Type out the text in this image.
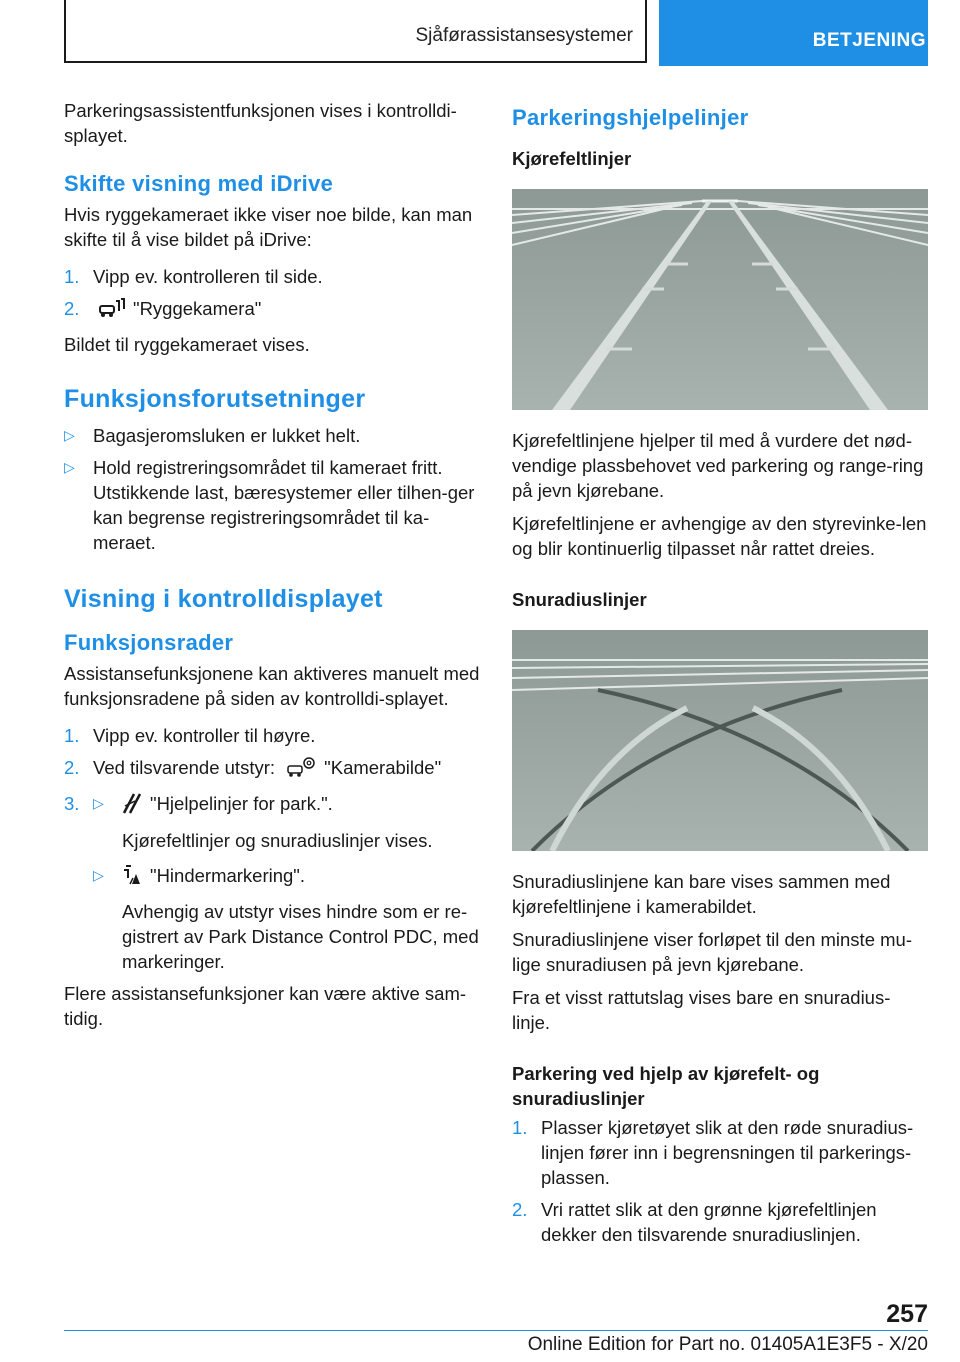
Sjåførassistansesystemer	BETJENING

Parkeringsassistentfunksjonen vises i kontrolldi-splayet.

Skifte visning med iDrive

Hvis ryggekameraet ikke viser noe bilde, kan man skifte til å vise bildet på iDrive:

1. Vipp ev. kontrolleren til side.
2.	"Ryggekamera"

Bildet til ryggekameraet vises.

Funksjonsforutsetninger
▷ Bagasjeromsluken er lukket helt.
▷ Hold registreringsområdet til kameraet fritt. Utstikkende last, bæresystemer eller tilhen-ger kan begrense registreringsområdet til ka-meraet.
Visning i kontrolldisplayet
Funksjonsrader

Assistansefunksjonene kan aktiveres manuelt med funksjonsradene på siden av kontrolldi-splayet.

1. Vipp ev. kontroller til høyre.
2. Ved tilsvarende utstyr:	"Kamerabilde"
3. ▷	"Hjelpelinjer for park.".
Kjørefeltlinjer og snuradiuslinjer vises.
▷	"Hindermarkering".
Avhengig av utstyr vises hindre som er re-gistrert av Park Distance Control PDC, med markeringer.

Flere assistansefunksjoner kan være aktive sam-tidig.

Parkeringshjelpelinjer
Kjørefeltlinjer

Kjørefeltlinjene hjelper til med å vurdere det nød-vendige plassbehovet ved parkering og range-ring på jevn kjørebane.

Kjørefeltlinjene er avhengige av den styrevinke-len og blir kontinuerlig tilpasset når rattet dreies.

Snuradiuslinjer

Snuradiuslinjene kan bare vises sammen med kjørefeltlinjene i kamerabildet.

Snuradiuslinjene viser forløpet til den minste mu-lige snuradiusen på jevn kjørebane.

Fra et visst rattutslag vises bare en snuradius-linje.

Parkering ved hjelp av kjørefelt- og snuradiuslinjer
1. Plasser kjøretøyet slik at den røde snuradius-linjen fører inn i begrensningen til parkerings-plassen.
2. Vri rattet slik at den grønne kjørefeltlinjen dekker den tilsvarende snuradiuslinjen.
257
Online Edition for Part no. 01405A1E3F5 - X/20
